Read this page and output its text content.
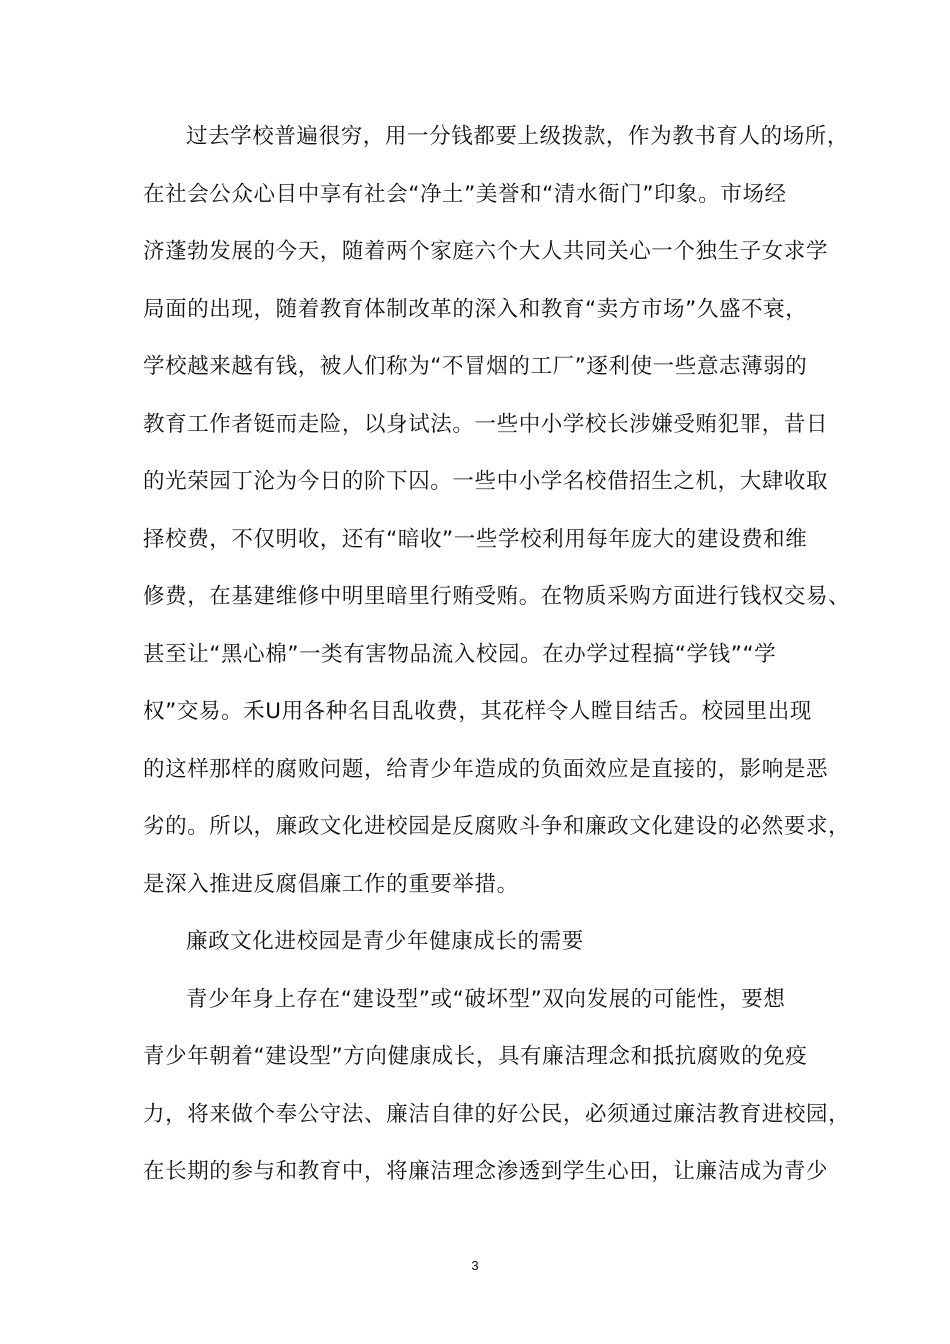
过去学校普遍很穷，用一分钱都要上级拨款，作为教书育人的场所，
在社会公众心目中享有社会“净土”美誉和“清水衙门”印象。市场经
济蓬勃发展的今天，随着两个家庭六个大人共同关心一个独生子女求学
局面的出现，随着教育体制改革的深入和教育“卖方市场”久盛不衰，
学校越来越有钱，被人们称为“不冒烟的工厂”逐利使一些意志薄弱的
教育工作者铤而走险，以身试法。一些中小学校长涉嫌受贿犯罪，昔日
的光荣园丁沦为今日的阶下囚。一些中小学名校借招生之机，大肆收取
择校费，不仅明收，还有“暗收”一些学校利用每年庞大的建设费和维
修费，在基建维修中明里暗里行贿受贿。在物质采购方面进行钱权交易、
甚至让“黑心棉”一类有害物品流入校园。在办学过程搞“学钱”“学
权”交易。禾U用各种名目乱收费，其花样令人瞠目结舌。校园里出现
的这样那样的腐败问题，给青少年造成的负面效应是直接的，影响是恶
劣的。所以，廉政文化进校园是反腐败斗争和廉政文化建设的必然要求，
是深入推进反腐倡廉工作的重要举措。
廉政文化进校园是青少年健康成长的需要
青少年身上存在“建设型”或“破坏型”双向发展的可能性，要想
青少年朝着“建设型”方向健康成长，具有廉洁理念和抵抗腐败的免疫
力，将来做个奉公守法、廉洁自律的好公民，必须通过廉洁教育进校园，
在长期的参与和教育中，将廉洁理念渗透到学生心田，让廉洁成为青少
3
